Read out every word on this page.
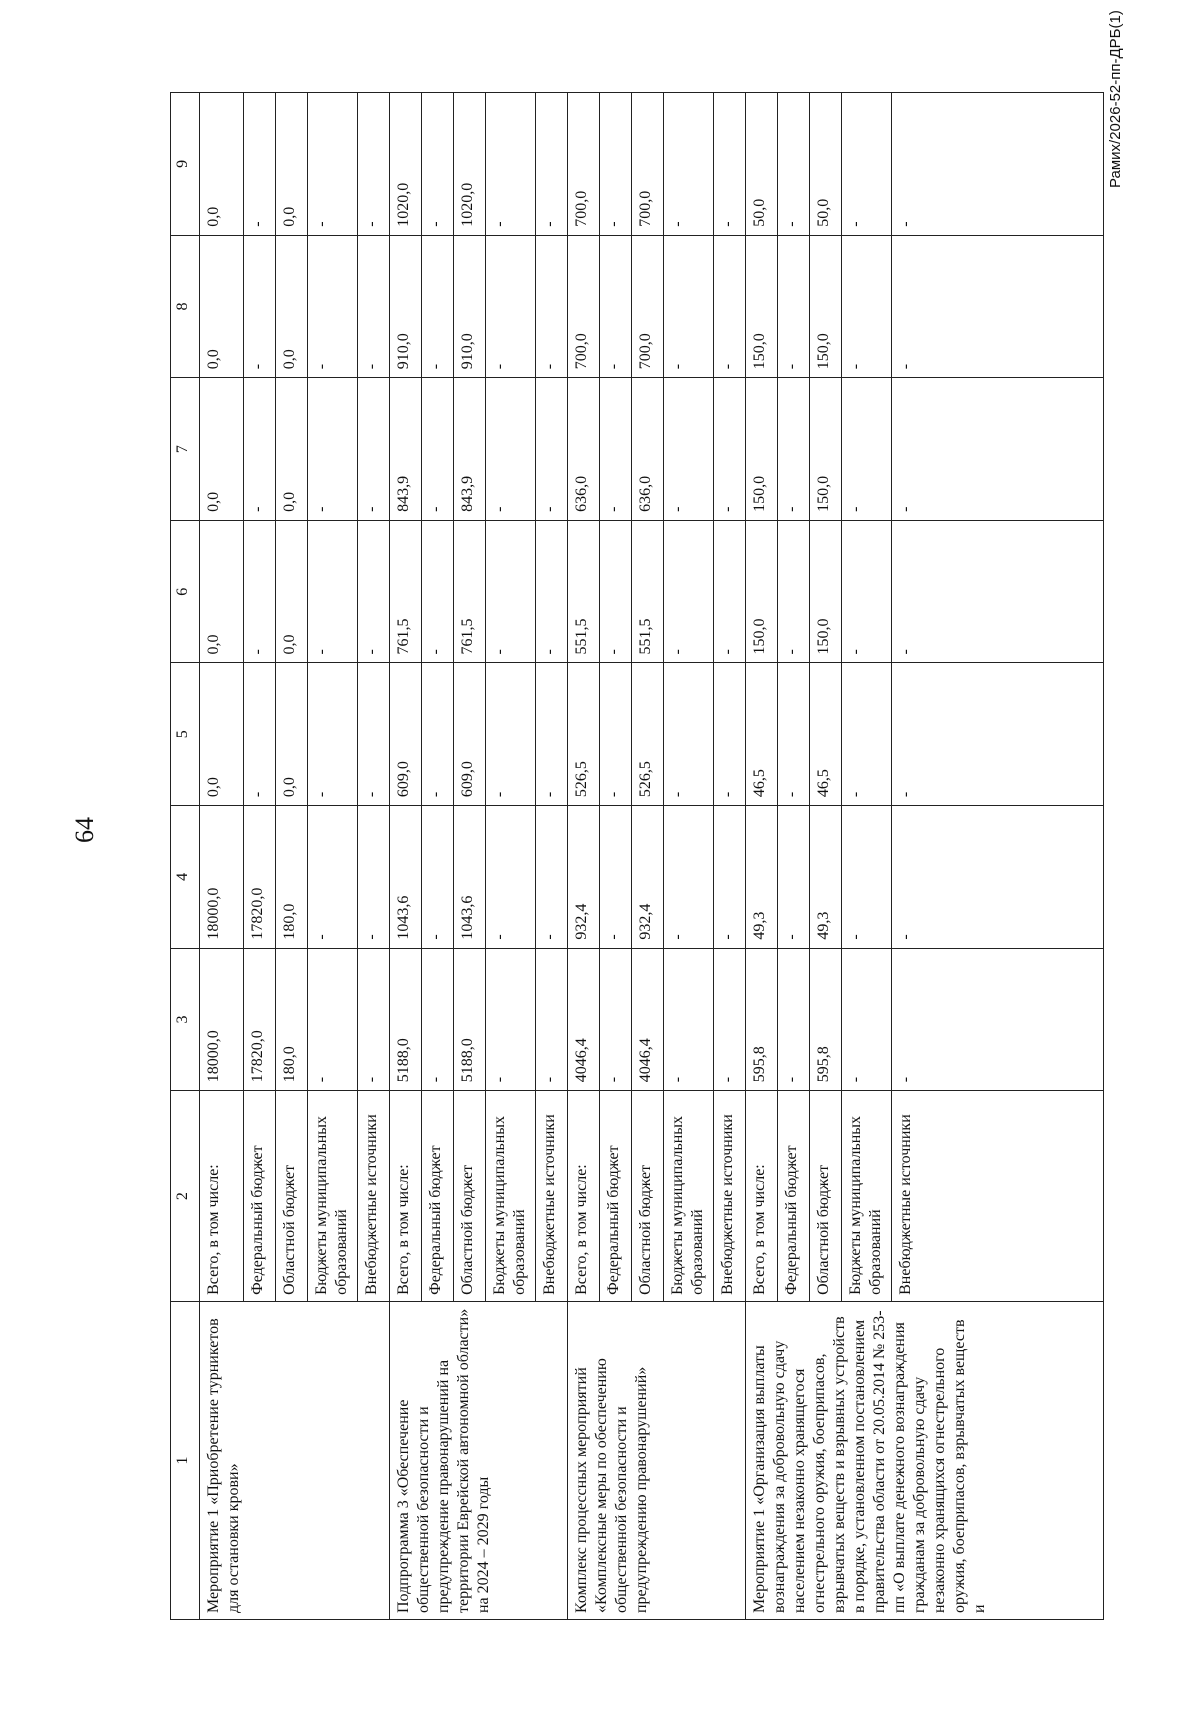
64
Рамих/2026-52-пп-ДРБ(1)
1	2	3	4	5	6	7	8	9
Мероприятие 1 «Приобретение турникетов для остановки крови»	Всего, в том числе:	18000,0	18000,0	0,0	0,0	0,0	0,0	0,0
	Федеральный бюджет	17820,0	17820,0	-	-	-	-	-
	Областной бюджет	180,0	180,0	0,0	0,0	0,0	0,0	0,0
	Бюджеты муниципальных образований	-	-	-	-	-	-	-
	Внебюджетные источники	-	-	-	-	-	-	-
Подпрограмма 3 «Обеспечение общественной безопасности и предупреждение правонарушений на территории Еврейской автономной области» на 2024 – 2029 годы	Всего, в том числе:	5188,0	1043,6	609,0	761,5	843,9	910,0	1020,0
	Федеральный бюджет	-	-	-	-	-	-	-
	Областной бюджет	5188,0	1043,6	609,0	761,5	843,9	910,0	1020,0
	Бюджеты муниципальных образований	-	-	-	-	-	-	-
	Внебюджетные источники	-	-	-	-	-	-	-
Комплекс процессных мероприятий «Комплексные меры по обеспечению общественной безопасности и предупреждению правонарушений»	Всего, в том числе:	4046,4	932,4	526,5	551,5	636,0	700,0	700,0
	Федеральный бюджет	-	-	-	-	-	-	-
	Областной бюджет	4046,4	932,4	526,5	551,5	636,0	700,0	700,0
	Бюджеты муниципальных образований	-	-	-	-	-	-	-
	Внебюджетные источники	-	-	-	-	-	-	-
Мероприятие 1 «Организация выплаты вознаграждения за добровольную сдачу населением незаконно хранящегося огнестрельного оружия, боеприпасов, взрывчатых веществ и взрывных устройств в порядке, установленном постановлением правительства области от 20.05.2014 № 253-пп «О выплате денежного вознаграждения гражданам за добровольную сдачу незаконно хранящихся огнестрельного оружия, боеприпасов, взрывчатых веществ и	Всего, в том числе:	595,8	49,3	46,5	150,0	150,0	150,0	50,0
	Федеральный бюджет	-	-	-	-	-	-	-
	Областной бюджет	595,8	49,3	46,5	150,0	150,0	150,0	50,0
	Бюджеты муниципальных образований	-	-	-	-	-	-	-
	Внебюджетные источники	-	-	-	-	-	-	-
